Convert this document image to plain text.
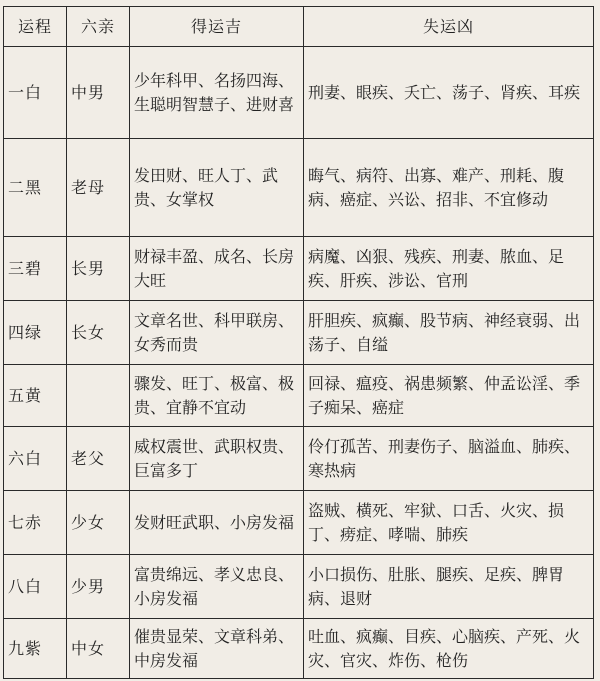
运程	六亲	得运吉	失运凶
一白	中男	少年科甲、名扬四海、生聪明智慧子、进财喜	刑妻、眼疾、夭亡、荡子、肾疾、耳疾
二黑	老母	发田财、旺人丁、武贵、女掌权	晦气、病符、出寡、难产、刑耗、腹病、癌症、兴讼、招非、不宜修动
三碧	长男	财禄丰盈、成名、长房大旺	病魔、凶狠、残疾、刑妻、脓血、足疾、肝疾、涉讼、官刑
四绿	长女	文章名世、科甲联房、女秀而贵	肝胆疾、疯癫、股节病、神经衰弱、出荡子、自缢
五黄		骤发、旺丁、极富、极贵、宜静不宜动	回禄、瘟疫、祸患频繁、仲孟讼淫、季子痴呆、癌症
六白	老父	威权震世、武职权贵、巨富多丁	伶仃孤苦、刑妻伤子、脑溢血、肺疾、寒热病
七赤	少女	发财旺武职、小房发福	盗贼、横死、牢狱、口舌、火灾、损丁、痨症、哮喘、肺疾
八白	少男	富贵绵远、孝义忠良、小房发福	小口损伤、肚胀、腿疾、足疾、脾胃病、退财
九紫	中女	催贵显荣、文章科弟、中房发福	吐血、疯癫、目疾、心脑疾、产死、火灾、官灾、炸伤、枪伤
